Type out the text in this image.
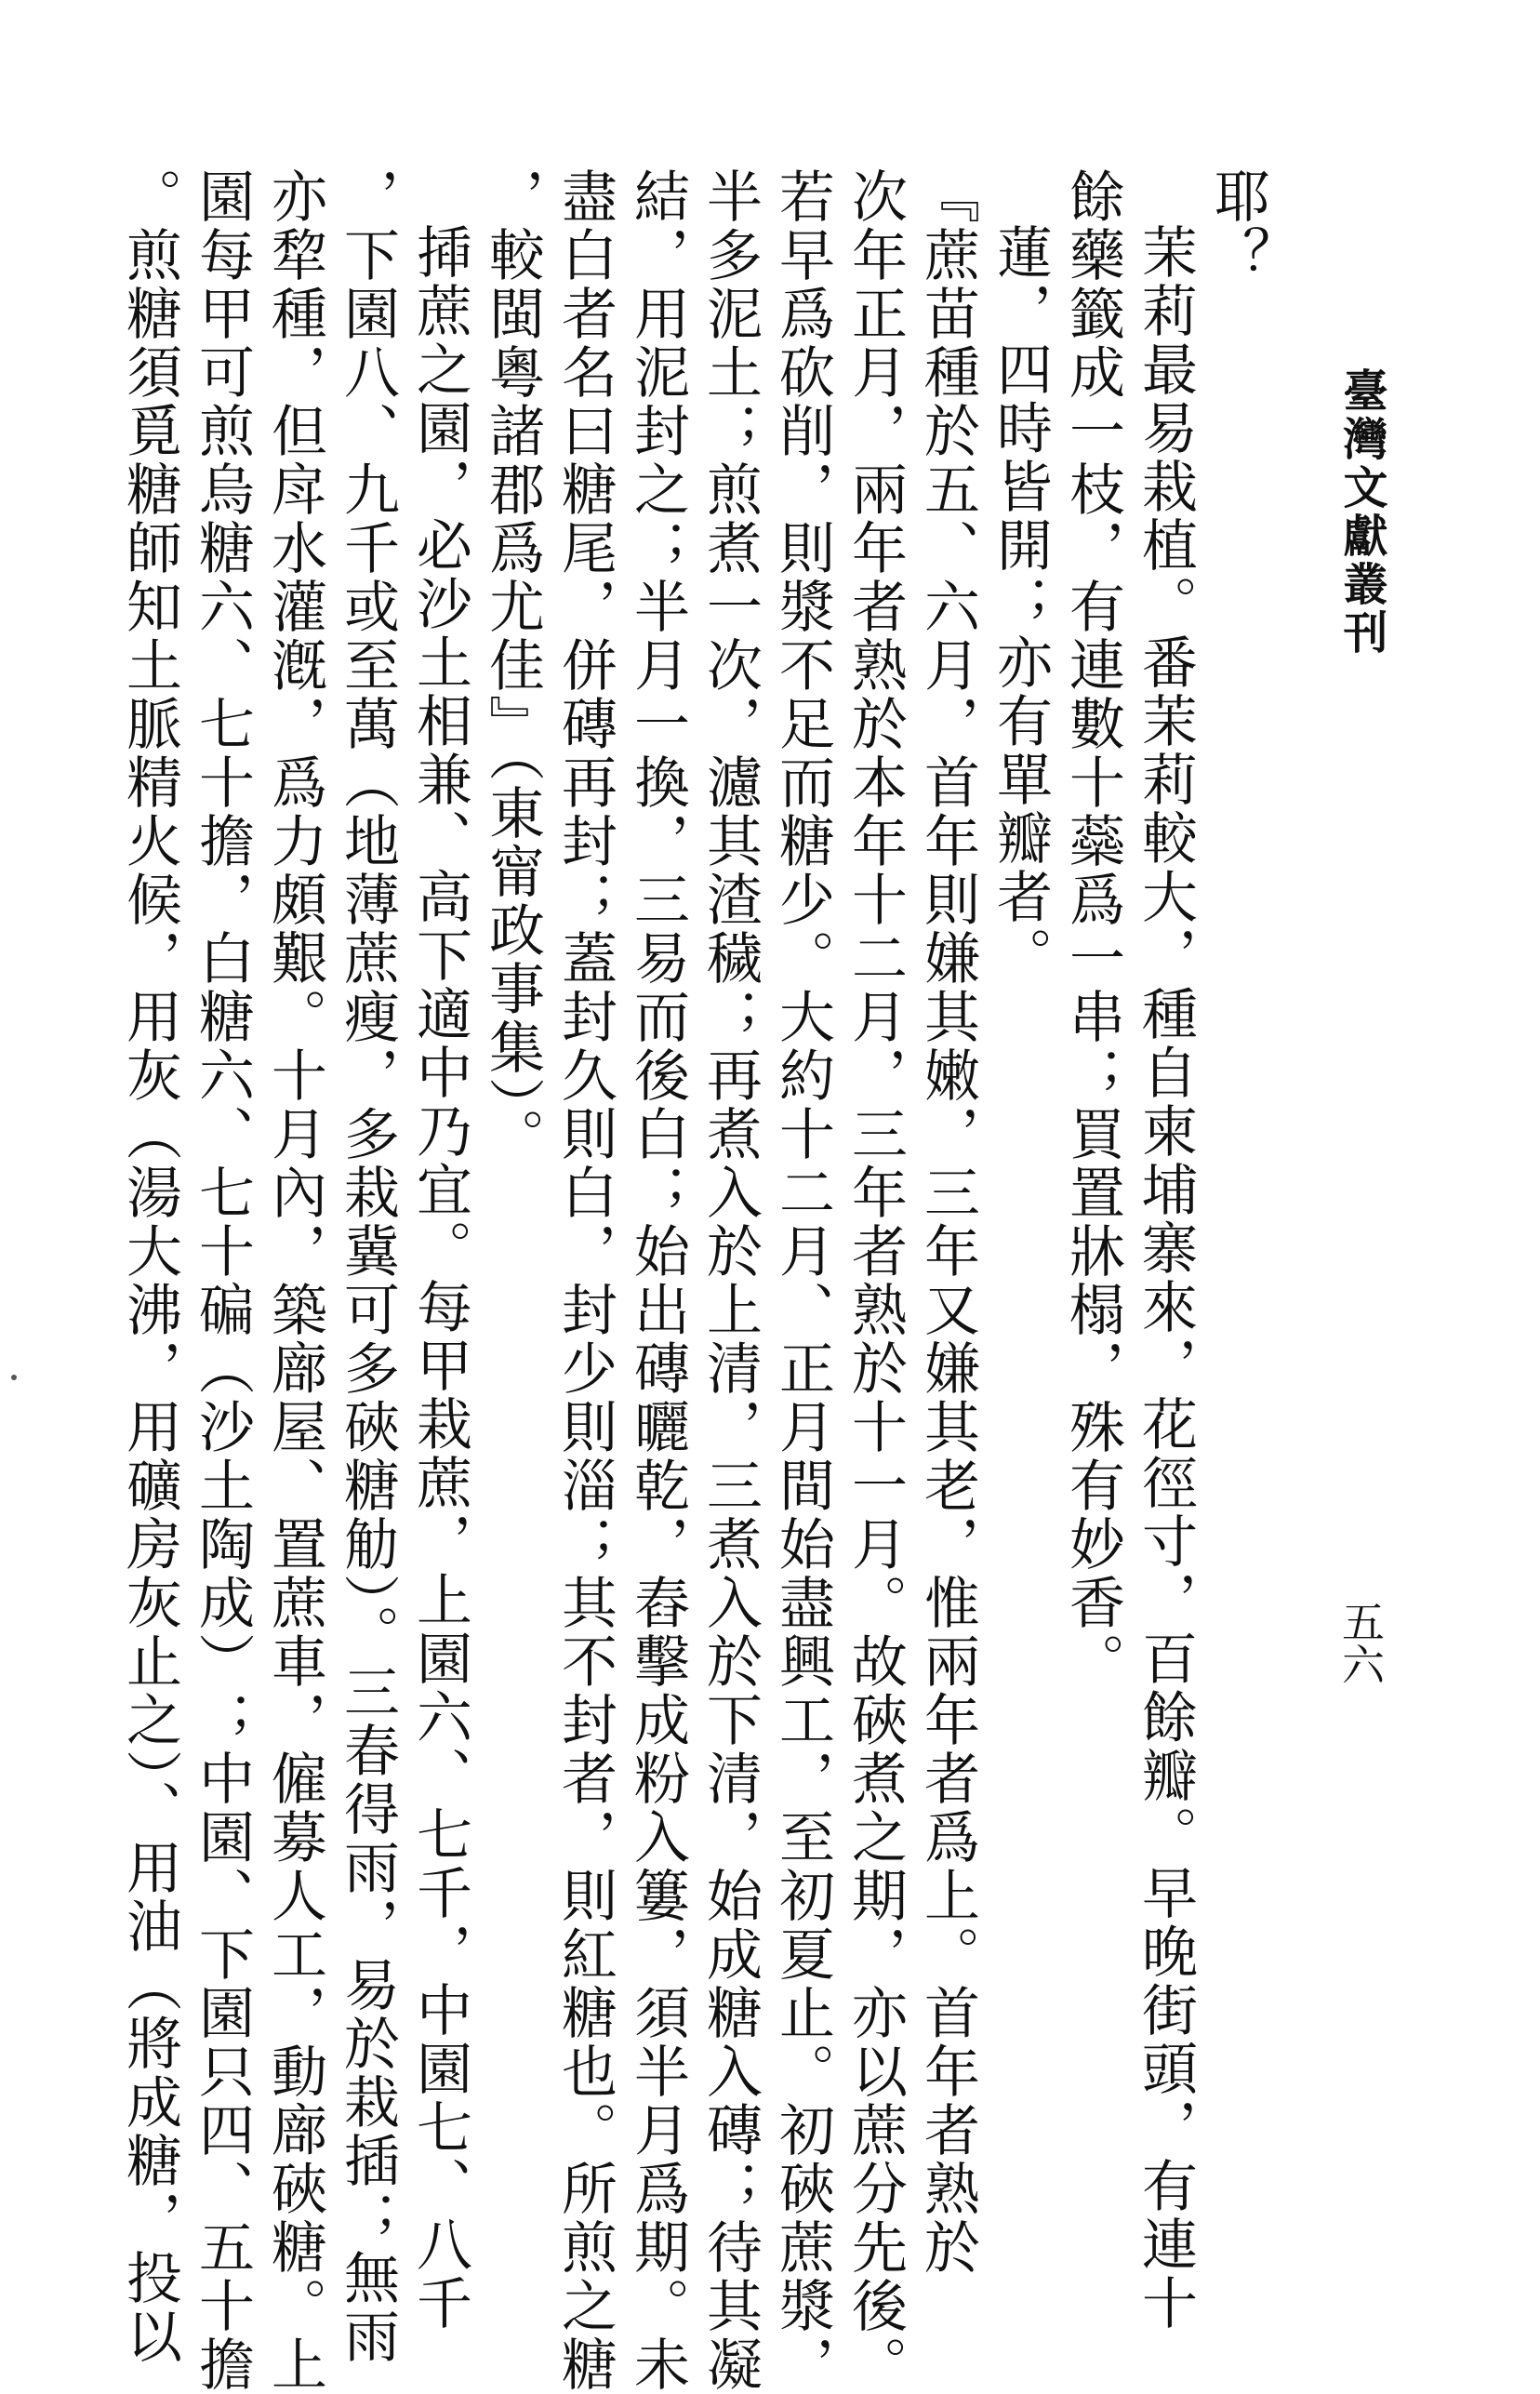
臺灣文獻叢刊
五六

耶？

茉莉最易栽植。番茉莉較大，種自柬埔寨來，花徑寸，百餘瓣。早晚街頭，有連十

餘藥籤成一枝，有連數十蘂爲一串；買置牀榻，殊有妙香。

蓮，四時皆開；亦有單瓣者。

『蔗苗種於五、六月，首年則嫌其嫩，三年又嫌其老，惟兩年者爲上。首年者熟於

次年正月，兩年者熟於本年十二月，三年者熟於十一月。故硤煮之期，亦以蔗分先後。

若早爲砍削，則漿不足而糖少。大約十二月、正月間始盡興工，至初夏止。初硤蔗漿，

半多泥土；煎煮一次，濾其渣穢；再煮入於上清，三煮入於下清，始成糖入磚；待其凝

結，用泥封之；半月一換，三易而後白；始出磚曬乾，舂擊成粉入簍，須半月爲期。未

盡白者名曰糖尾，併磚再封；蓋封久則白，封少則淄；其不封者，則紅糖也。所煎之糖

，較閩粵諸郡爲尤佳』（東甯政事集）。

揷蔗之園，必沙土相兼、高下適中乃宜。每甲栽蔗，上園六、七千，中園七、八千

，下園八、九千或至萬（地薄蔗瘦，多栽冀可多硤糖觔）。三春得雨，易於栽插；無雨

亦犂種，但戽水灌漑，爲力頗艱。十月內，築廍屋、置蔗車，僱募人工，動廍硤糖。上

園每甲可煎烏糖六、七十擔，白糖六、七十碥（沙土陶成）；中園、下園只四、五十擔

。煎糖須覓糖師知土脈精火候，用灰（湯大沸，用礦房灰止之）、用油（將成糖，投以
